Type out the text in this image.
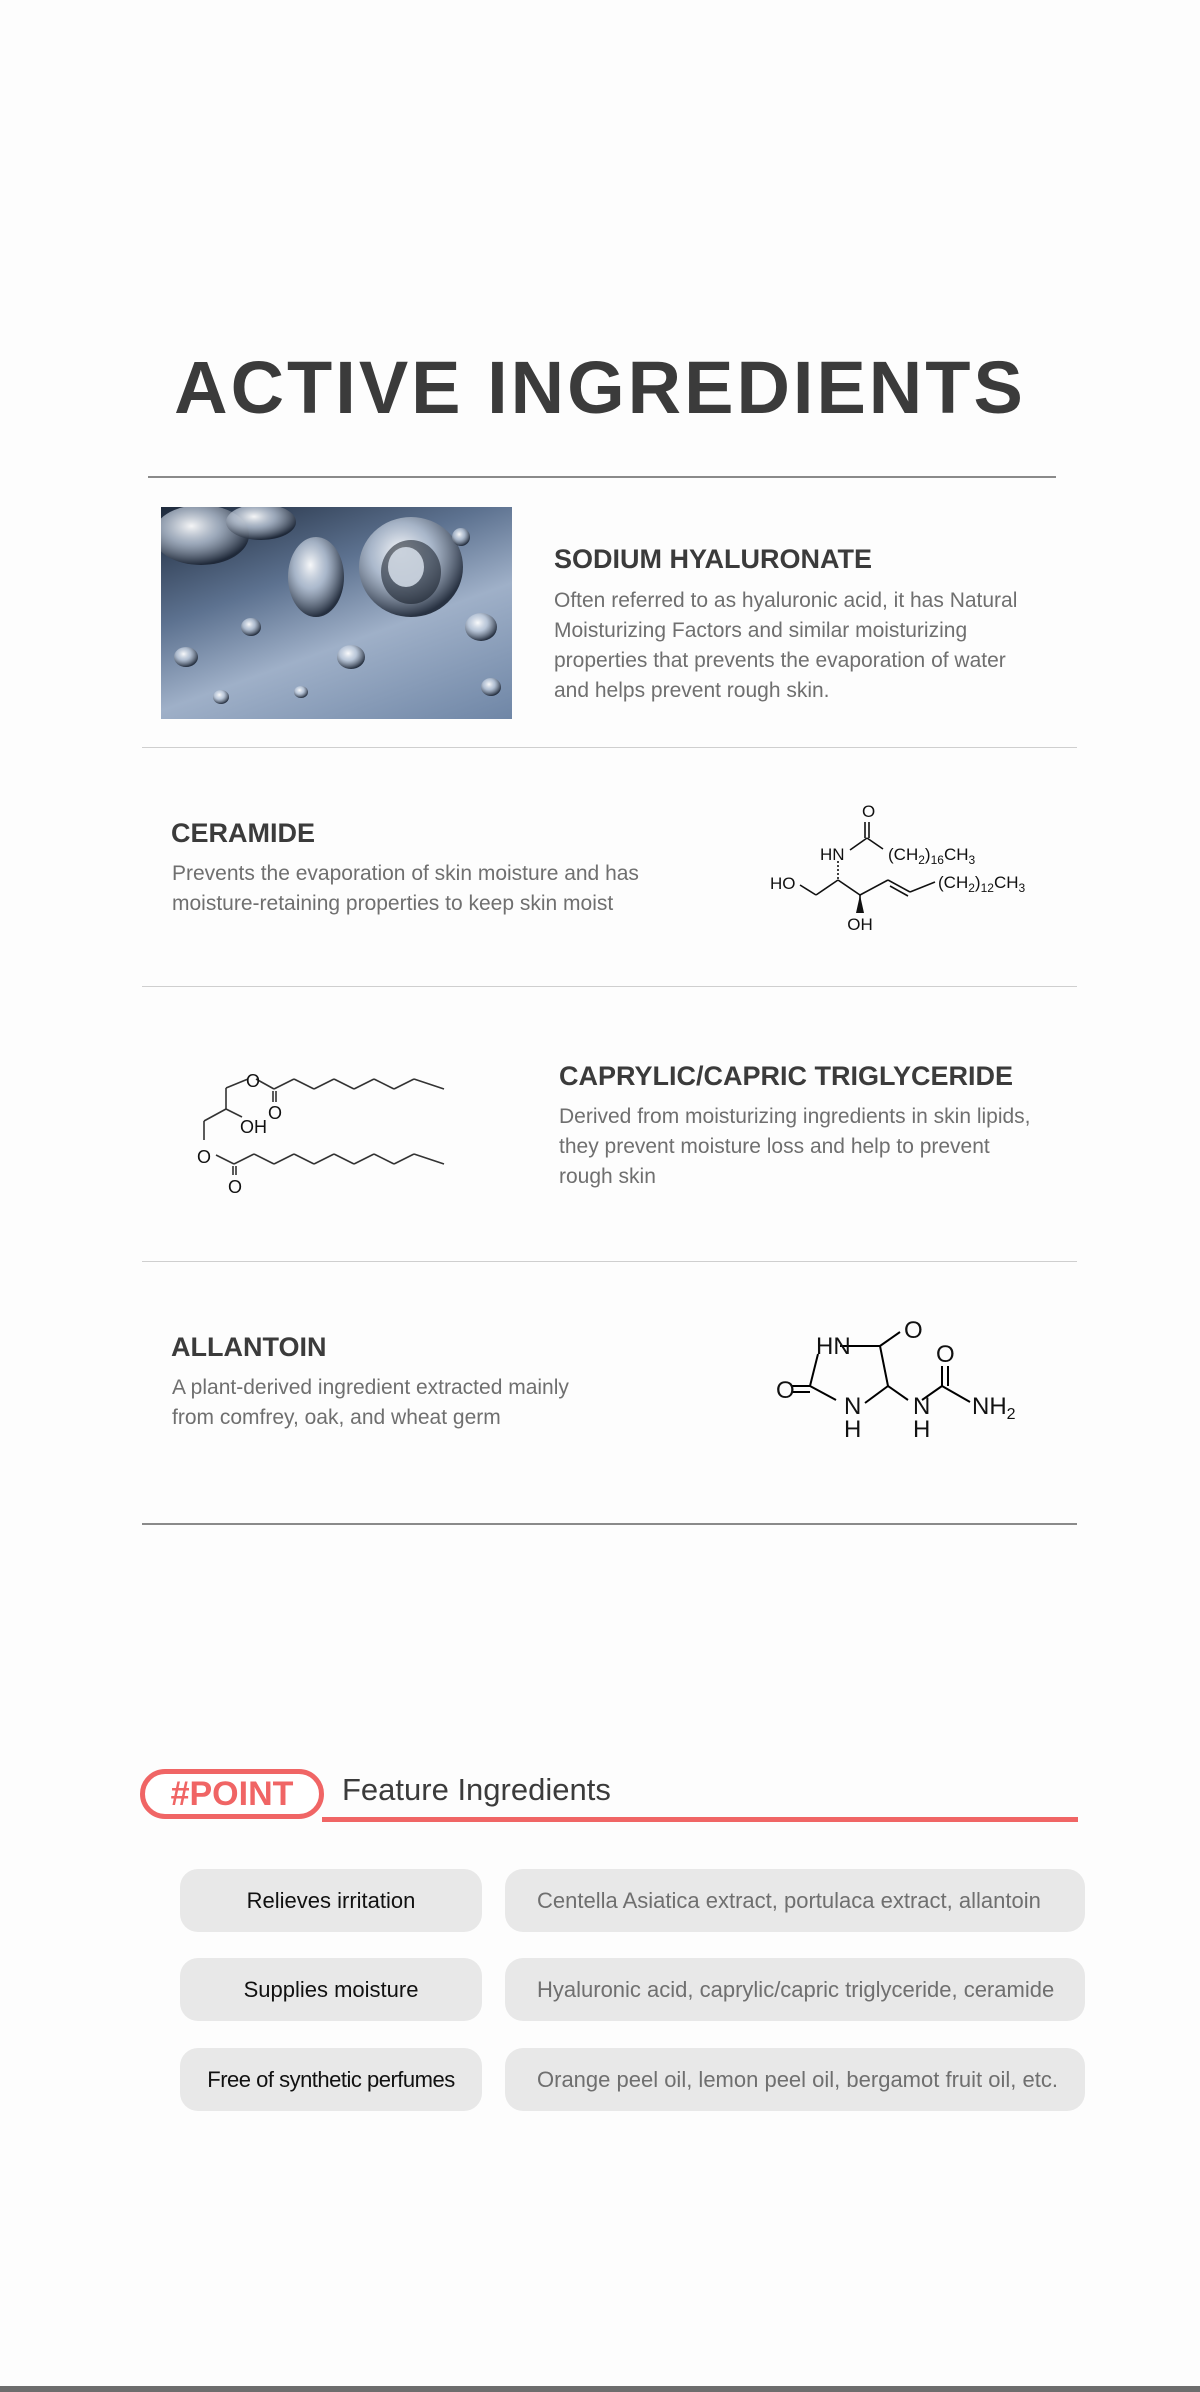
ACTIVE INGREDIENTS
SODIUM HYALURONATE
Often referred to as hyaluronic acid, it has Natural
Moisturizing Factors and similar moisturizing
properties that prevents the evaporation of water
and helps prevent rough skin.
CERAMIDE
Prevents the evaporation of skin moisture and has
moisture-retaining properties to keep skin moist
O
HN
HO
OH
$(CH_2)_{16}CH_3$
$(CH_2)_{12}CH_3$
O
O
OH
O
O
CAPRYLIC/CAPRIC TRIGLYCERIDE
Derived from moisturizing ingredients in skin lipids,
they prevent moisture loss and help to prevent
rough skin
ALLANTOIN
A plant-derived ingredient extracted mainly
from comfrey, oak, and wheat germ
HN
O
O
N
H
N
H
O
$NH_2$
#POINT	Feature Ingredients
Relieves irritation	Centella Asiatica extract, portulaca extract, allantoin
Supplies moisture	Hyaluronic acid, caprylic/capric triglyceride, ceramide
Free of synthetic perfumes	Orange peel oil, lemon peel oil, bergamot fruit oil, etc.
